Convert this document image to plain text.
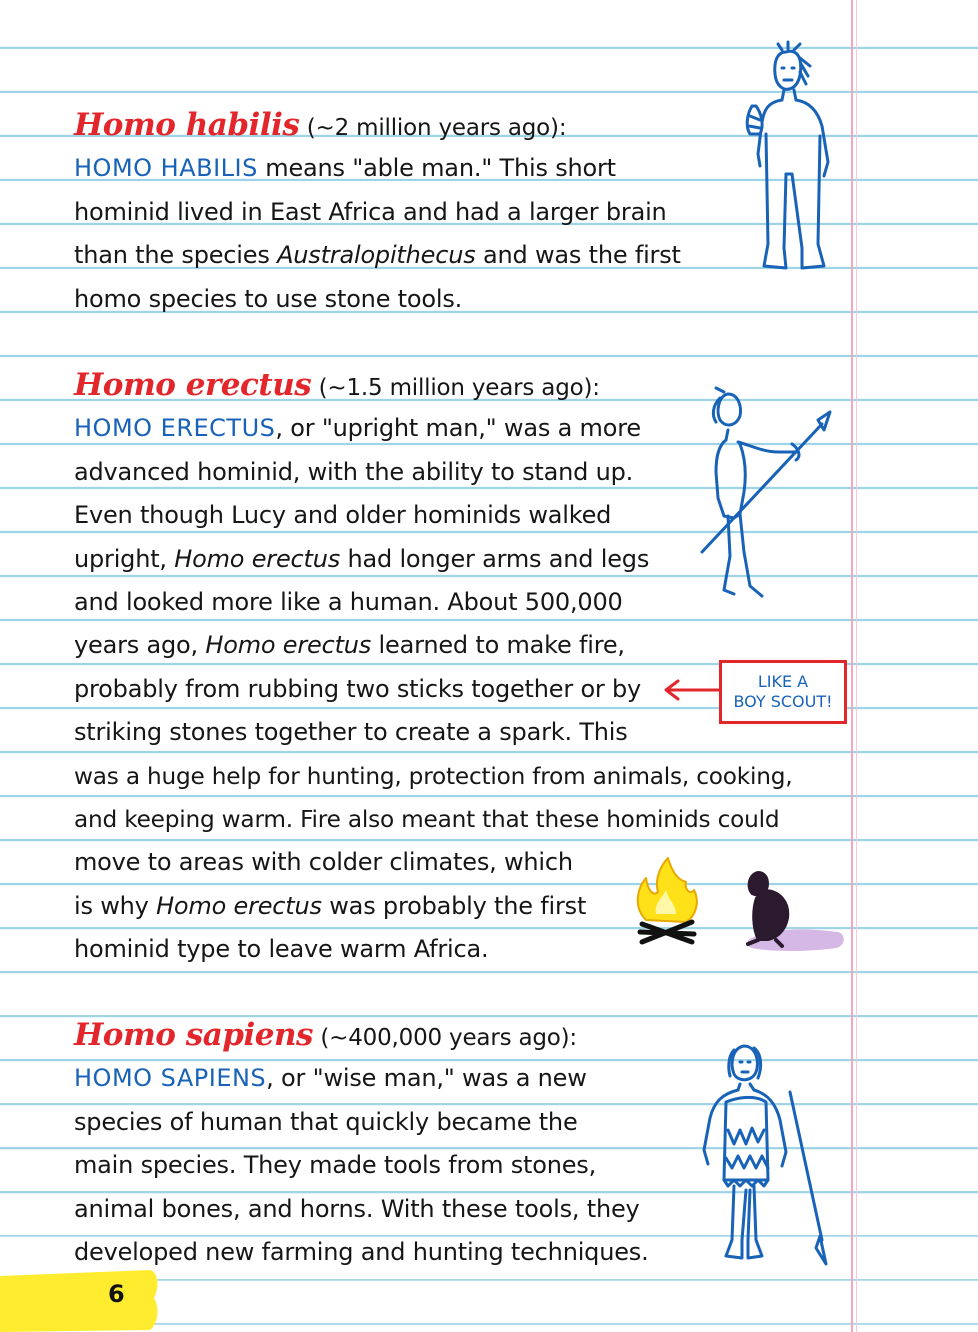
Homo habilis (~2 million years ago):
HOMO HABILIS means "able man." This short
hominid lived in East Africa and had a larger brain
than the species Australopithecus and was the first
homo species to use stone tools.
Homo erectus (~1.5 million years ago):
HOMO ERECTUS, or "upright man," was a more
advanced hominid, with the ability to stand up.
Even though Lucy and older hominids walked
upright, Homo erectus had longer arms and legs
and looked more like a human. About 500,000
years ago, Homo erectus learned to make fire,
probably from rubbing two sticks together or by
striking stones together to create a spark. This
was a huge help for hunting, protection from animals, cooking,
and keeping warm. Fire also meant that these hominids could
move to areas with colder climates, which
is why Homo erectus was probably the first
hominid type to leave warm Africa.
Homo sapiens (~400,000 years ago):
HOMO SAPIENS, or "wise man," was a new
species of human that quickly became the
main species. They made tools from stones,
animal bones, and horns. With these tools, they
developed new farming and hunting techniques.
LIKE A
BOY SCOUT!
6
